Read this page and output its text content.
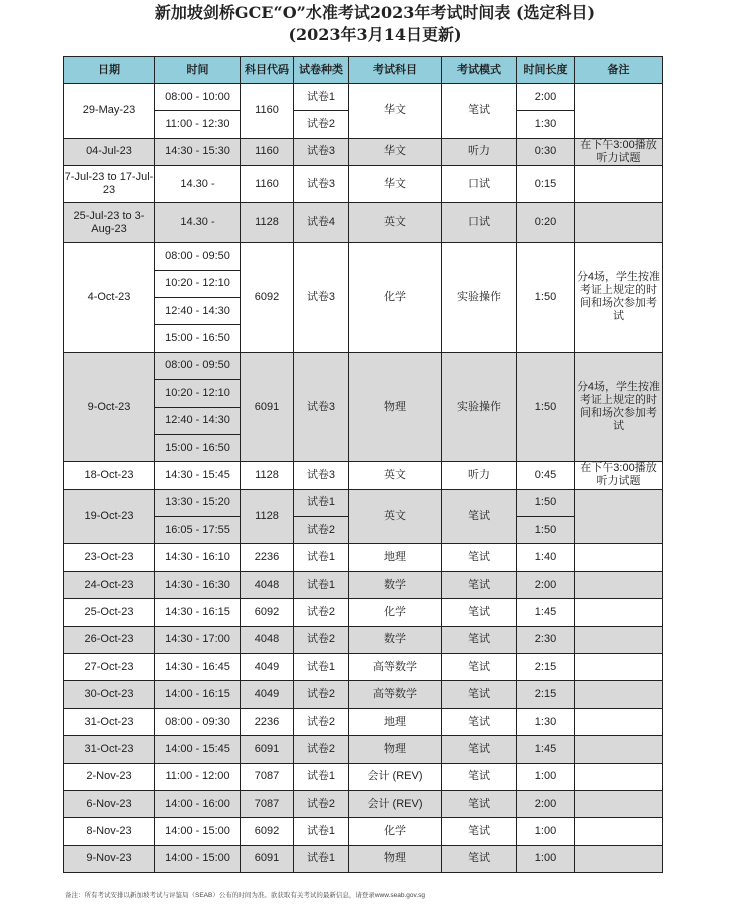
新加坡剑桥GCE“O”水准考试2023年考试时间表 (选定科目)
(2023年3月14日更新)
日期	时间	科目代码	试卷种类	考试科目	考试模式	时间长度	备注
29-May-23	08:00 - 10:00	1160	试卷1	华文	笔试	2:00	
	11:00 - 12:30		试卷2			1:30	
04-Jul-23	14:30 - 15:30	1160	试卷3	华文	听力	0:30	在下午3:00播放听力试题
7-Jul-23 to 17-Jul-23	14.30 -	1160	试卷3	华文	口试	0:15	
25-Jul-23 to 3-Aug-23	14.30 -	1128	试卷4	英文	口试	0:20	
4-Oct-23	08:00 - 09:50	6092	试卷3	化学	实验操作	1:50	分4场，学生按准考证上规定的时间和场次参加考试
	10:20 - 12:10						
	12:40 - 14:30						
	15:00 - 16:50						
9-Oct-23	08:00 - 09:50	6091	试卷3	物理	实验操作	1:50	分4场，学生按准考证上规定的时间和场次参加考试
	10:20 - 12:10						
	12:40 - 14:30						
	15:00 - 16:50						
18-Oct-23	14:30 - 15:45	1128	试卷3	英文	听力	0:45	在下午3:00播放听力试题
19-Oct-23	13:30 - 15:20	1128	试卷1	英文	笔试	1:50	
	16:05 - 17:55		试卷2			1:50	
23-Oct-23	14:30 - 16:10	2236	试卷1	地理	笔试	1:40	
24-Oct-23	14:30 - 16:30	4048	试卷1	数学	笔试	2:00	
25-Oct-23	14:30 - 16:15	6092	试卷2	化学	笔试	1:45	
26-Oct-23	14:30 - 17:00	4048	试卷2	数学	笔试	2:30	
27-Oct-23	14:30 - 16:45	4049	试卷1	高等数学	笔试	2:15	
30-Oct-23	14:00 - 16:15	4049	试卷2	高等数学	笔试	2:15	
31-Oct-23	08:00 - 09:30	2236	试卷2	地理	笔试	1:30	
31-Oct-23	14:00 - 15:45	6091	试卷2	物理	笔试	1:45	
2-Nov-23	11:00 - 12:00	7087	试卷1	会计 (REV)	笔试	1:00	
6-Nov-23	14:00 - 16:00	7087	试卷2	会计 (REV)	笔试	2:00	
8-Nov-23	14:00 - 15:00	6092	试卷1	化学	笔试	1:00	
9-Nov-23	14:00 - 15:00	6091	试卷1	物理	笔试	1:00	
备注：所有考试安排以新加坡考试与评鉴局（SEAB）公布的时间为准。欲获取有关考试的最新信息，请登录www.seab.gov.sg
